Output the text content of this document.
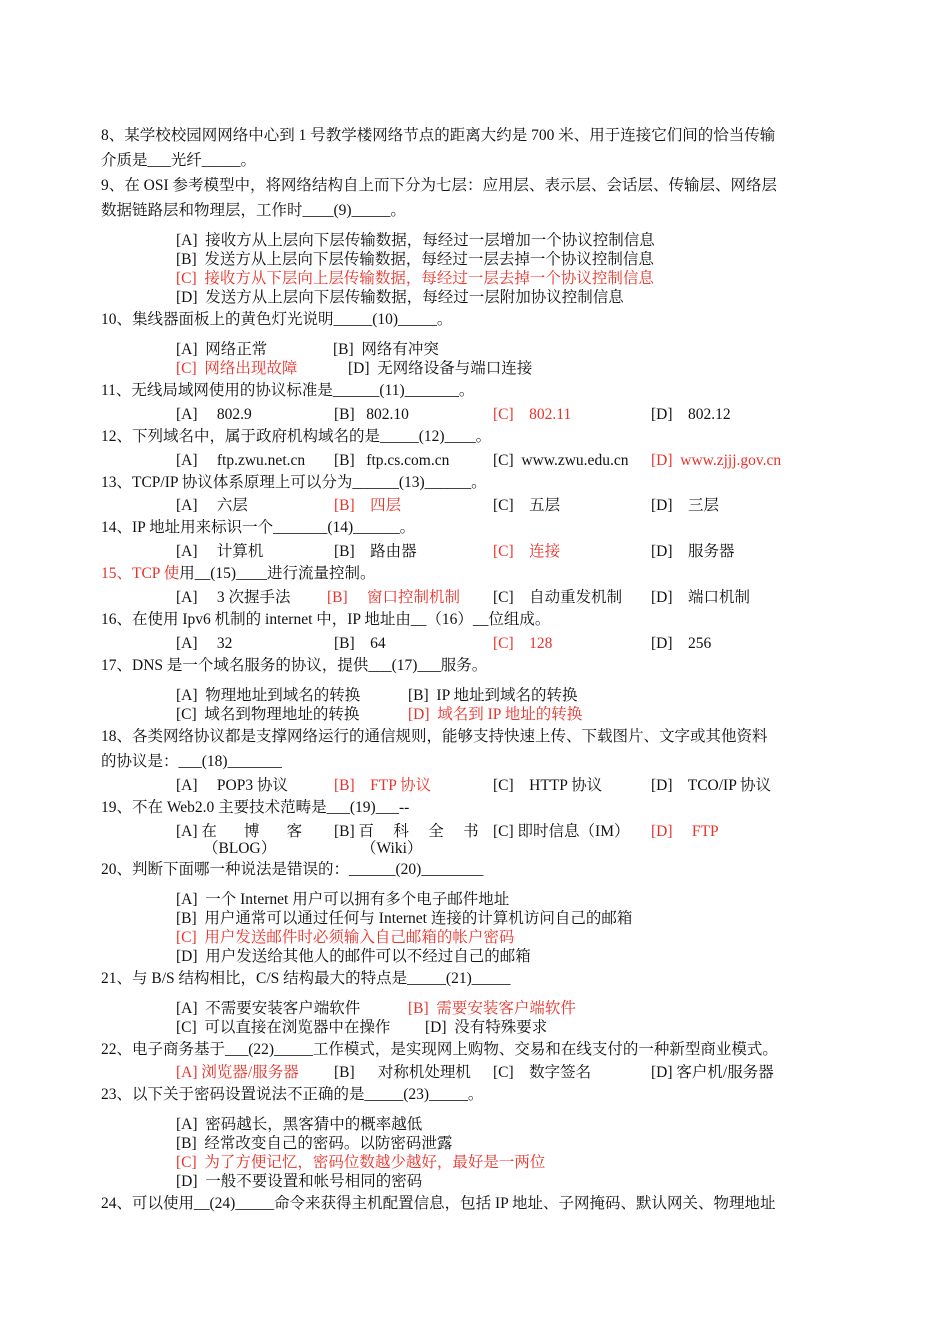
8、某学校校园网网络中心到 1 号教学楼网络节点的距离大约是 700 米、用于连接它们间的恰当传输
介质是___光纤_____。
9、在 OSI 参考模型中，将网络结构自上而下分为七层：应用层、表示层、会话层、传输层、网络层
数据链路层和物理层，工作时____(9)_____。
[A]  接收方从上层向下层传输数据，每经过一层增加一个协议控制信息
[B]  发送方从上层向下层传输数据，每经过一层去掉一个协议控制信息
[C]  接收方从下层向上层传输数据，每经过一层去掉一个协议控制信息
[D]  发送方从上层向下层传输数据，每经过一层附加协议控制信息
10、集线器面板上的黄色灯光说明_____(10)_____。
[A]  网络正常	[B]  网络有冲突
[C]  网络出现故障	[D]  无网络设备与端口连接
11、无线局域网使用的协议标准是______(11)_______。
[A]     802.9	[B]   802.10	[C]    802.11	[D]    802.12
12、下列域名中，属于政府机构域名的是_____(12)____。
[A]     ftp.zwu.net.cn [B]   ftp.cs.com.cn	[C]  www.zwu.edu.cn [D]  www.zjjj.gov.cn
13、TCP/IP 协议体系原理上可以分为______(13)______。
[A]     六层	[B]    四层	[C]    五层	[D]    三层
14、IP 地址用来标识一个_______(14)______。
[A]     计算机	[B]    路由器	[C]    连接	[D]    服务器
15、TCP 使用__(15)____进行流量控制。
[A]     3 次握手法 [B]     窗口控制机制 [C]    自动重发机制 [D]    端口机制
16、在使用 Ipv6 机制的 internet 中，IP 地址由__（16）__位组成。
[A]     32	[B]    64	[C]    128	[D]    256
17、DNS 是一个域名服务的协议，提供___(17)___服务。
[A]  物理地址到域名的转换	[B]  IP 地址到域名的转换
[C]  域名到物理地址的转换	[D]  域名到 IP 地址的转换
18、各类网络协议都是支撑网络运行的通信规则，能够支持快速上传、下载图片、文字或其他资料
的协议是：___(18)_______
[A]     POP3 协议	[B]    FTP 协议	[C]    HTTP 协议	[D]    TCO/IP 协议
19、不在 Web2.0 主要技术范畴是___(19)___--
[A] 在       博       客
（BLOG）
[B] 百     科     全     书
（Wiki）
[C] 即时信息（IM） [D]     FTP
20、判断下面哪一种说法是错误的：______(20)________
[A]  一个 Internet 用户可以拥有多个电子邮件地址
[B]  用户通常可以通过任何与 Internet 连接的计算机访问自己的邮箱
[C]  用户发送邮件时必须输入自己邮箱的帐户密码
[D]  用户发送给其他人的邮件可以不经过自己的邮箱
21、与 B/S 结构相比，C/S 结构最大的特点是_____(21)_____
[A]  不需要安装客户端软件	[B]  需要安装客户端软件
[C]  可以直接在浏览器中在操作 [D]  没有特殊要求
22、电子商务基于___(22)_____工作模式，是实现网上购物、交易和在线支付的一种新型商业模式。
[A] 浏览器/服务器 [B]      对称机处理机 [C]    数字签名	[D] 客户机/服务器
23、以下关于密码设置说法不正确的是_____(23)_____。
[A]  密码越长，黑客猜中的概率越低
[B]  经常改变自己的密码。以防密码泄露
[C]  为了方便记忆，密码位数越少越好，最好是一两位
[D]  一般不要设置和帐号相同的密码
24、可以使用__(24)_____命令来获得主机配置信息，包括 IP 地址、子网掩码、默认网关、物理地址
